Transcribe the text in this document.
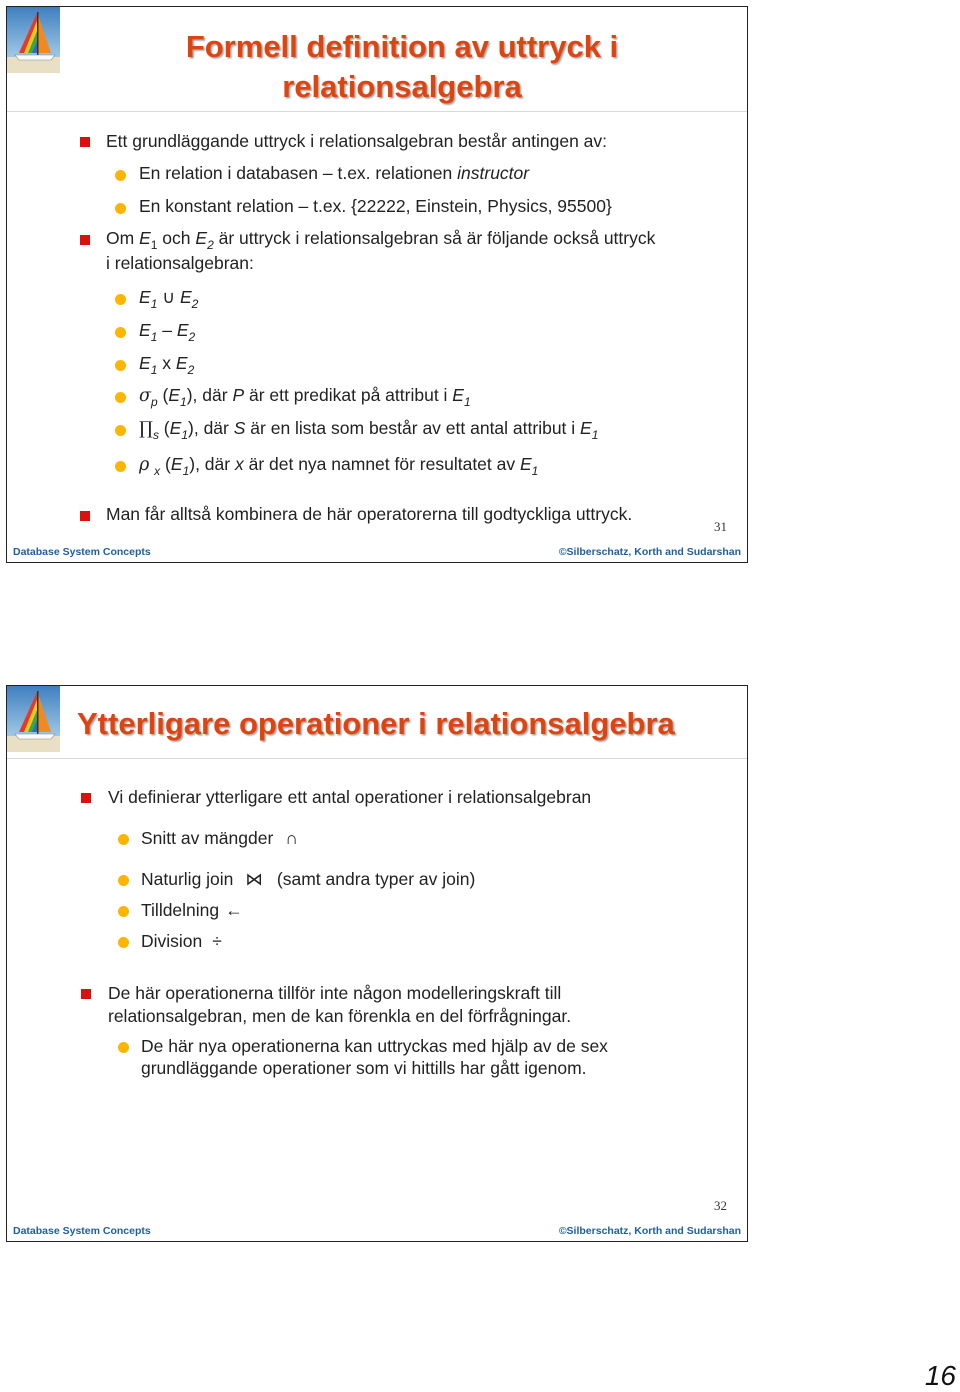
Formell definition av uttryck i relationsalgebra
Ett grundläggande uttryck i relationsalgebran består antingen av:
En relation i databasen – t.ex. relationen instructor
En konstant relation – t.ex. {22222, Einstein, Physics, 95500}
Om $E_1$ och $E_2$ är uttryck i relationsalgebran så är följande också uttryck
i relationsalgebran:
$E_1$ ∪ $E_2$
$E_1 - E_2$
$E_1$ x $E_2$
$\sigma_p$ $(E_1)$, där P är ett predikat på attribut i $E_1$
$\prod_s$ $(E_1)$, där S är en lista som består av ett antal attribut i $E_1$
ρ $_x$ $(E_1)$, där x är det nya namnet för resultatet av $E_1$
Man får alltså kombinera de här operatorerna till godtyckliga uttryck.
31
Database System Concepts	©Silberschatz, Korth and Sudarshan
Ytterligare operationer i relationsalgebra
Vi definierar ytterligare ett antal operationer i relationsalgebran
Snitt av mängder ∩
Naturlig join ⋈ (samt andra typer av join)
Tilldelning ←
Division ÷
De här operationerna tillför inte någon modelleringskraft till
relationsalgebran, men de kan förenkla en del förfrågningar.
De här nya operationerna kan uttryckas med hjälp av de sex
grundläggande operationer som vi hittills har gått igenom.
32
Database System Concepts	©Silberschatz, Korth and Sudarshan
16
